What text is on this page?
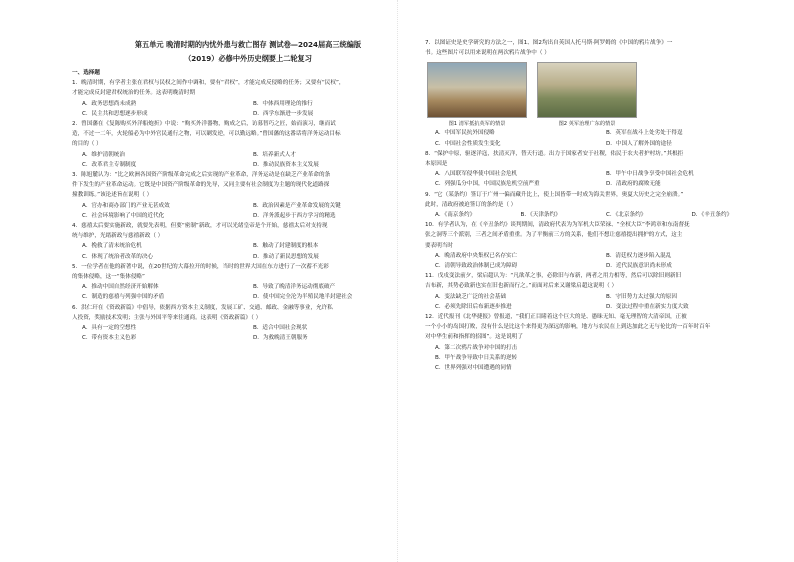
第五单元 晚清时期的内忧外患与救亡图存 测试卷—2024届高三统编版
（2019）必修中外历史纲要上二轮复习
一、选择题

1．晚清时期，有学者主张在君权与民权之间作中调和，要有“君权”，才能完成反侵略的任务；又要有“民权”，

才能完成反封建君权统治的任务。这表明晚清时期

A．政务思想尚未成熟	B．中体西用理论的推行
C．民主共和思想逐步形成	D．西学东渐进一步发展

2．曾国藩在《复陈购买外洋船炮折》中说：“购买外洋器物，购成之后，访募智巧之匠，始而演习，继而试

造，不过一二年，火轮船必为中外官民通行之物，可以剿发逆，可以勤远略。”曾国藩的这番话将洋务运动目标

的目的（ ）

A．维护清朝统治	B．培养新式人才
C．改革君主专制制度	D．推动民族资本主义发展

3．陈旭麓认为：“比之欧洲各国资产阶级革命完成之后实现的产业革命，洋务运动是在缺乏产业革命的条

件下发生的产业革命运动。它既是中国资产阶级革命的先导，又同主要有社会制度为主题的现代化道路探

撞教训练。”该论述旨在说明（ ）

A．官办和商办部门的产业无甚成效	B．政治因素是产业革命发展的关键
C．社会环境影响了中国的近代化	D．洋务派起步于西方学习的精选

4．慈禧太后要实施新政，就要先表明，但要“密制”新政，才可以光绪皇帝是个开始，慈禧太后对支持现

统与维护，光绪新政与慈禧新政（ ）

A．挽救了清末统治危机	B．触动了封建制度的根本
C．体现了统治者改革的决心	D．推动了新民思想的发展

5．一位学者在他的新著中说，在20世纪的大幕拉开的时候，当时的世界大国在东方进行了一次蓄不光彩

的集体侵略，这一“集体侵略”

A．推动中国自然经济开始解体	B．导致了晚清洋务运动彻底破产
C．制造的慈禧与列强中国的矛盾	D．使中国完全沦为半殖民地半封建社会

6．洪仁玕在《资政新篇》中倡导，依据西方资本主义制度，发展工矿、交通、邮政、金融等事业，允许私

人投资，奖励技术发明；主张与外国平等来往通商。这表明《资政新篇》（ ）

A．具有一定的空想性	B．适合中国社会现状
C．带有资本主义色彩	D．为救晚清王朝服务

7．以图证史是史学研究的方法之一，图1、图2均出自英国人托马斯·阿罗姆的《中国的鸦片战争》一

书。这些图片可以用来说明在两次鸦片战争中（ ）

图1 清军抵抗英军的情景	图2 英军治理广东的情景
A．中国军民抗外国侵略	B．英军在战斗上处劣处于得逞
C．中国社会性质发生变化	D．中国人了解外国的途径

8．“保护中原，驱逐洋寇，扶清灭洋，替天行道。出力于国家者安于社稷，佑民于农夫者护村坊。”其根拒

本原因是

A．八国联军侵华使中国社会危机	B．甲午中日战争享受中国社会危机
C．列强瓜分中国，中国民族危机空前严重	D．清政府的腐败无能

9．“它（某条约）签订于广州一偏而藏升比上，使上国皆带一时成为海关世界，奥夏大历史之完全崩溃。”

此时，清政府被迫签订的条约是（ ）

A．《南京条约》	B．《天津条约》	C．《北京条约》	D．《辛丑条约》

10．有学者认为，在《辛丑条约》谈判期间，清政府代表为为军机大臣荣禄、“全权大臣”李鸿章和东南督抚

张之洞等三个派别，三者之间矛盾重重。为了平衡前三方的关系，他们不想让慈禧提出拥护的方式，这主

要表明当时

A．晚清政府中央集权已名存实亡	B．清廷权力逐步陷入混乱
C．清朝导致政治体制已成为障碍	D．近代民族意识尚未形成

11．戊戌变法前夕，梁启超认为：“凡欲革之事，必除旧与布新，两者之用力相等，然后可以除旧则新旧

吉布新，其势必致新也实在旧也新而行之。”而面对后来又谢梁启超这说明（ ）

A．变法缺乏广泛的社会基础	B．守旧势力太过强大的原因
C．必须先除旧后布新逐步推进	D．变法过程中重在新实力度大致

12．近代报刊《北华捷报》曾报道，“我们正目睹着这个巨大的是、愚昧无知、毫无理智的大清帝国，正被

一个小小的岛国打败，没有什么是比这个来得更为深远的影响，地方与农民在上到达加此之无与伦比的一百年时百年

对中华生前和指挥的招图”。这是说明了

A．第二次鸦片战争对中国的打击
B．甲午战争导致中日关系的逆转
C．世界列强对中国遭遇的同情
